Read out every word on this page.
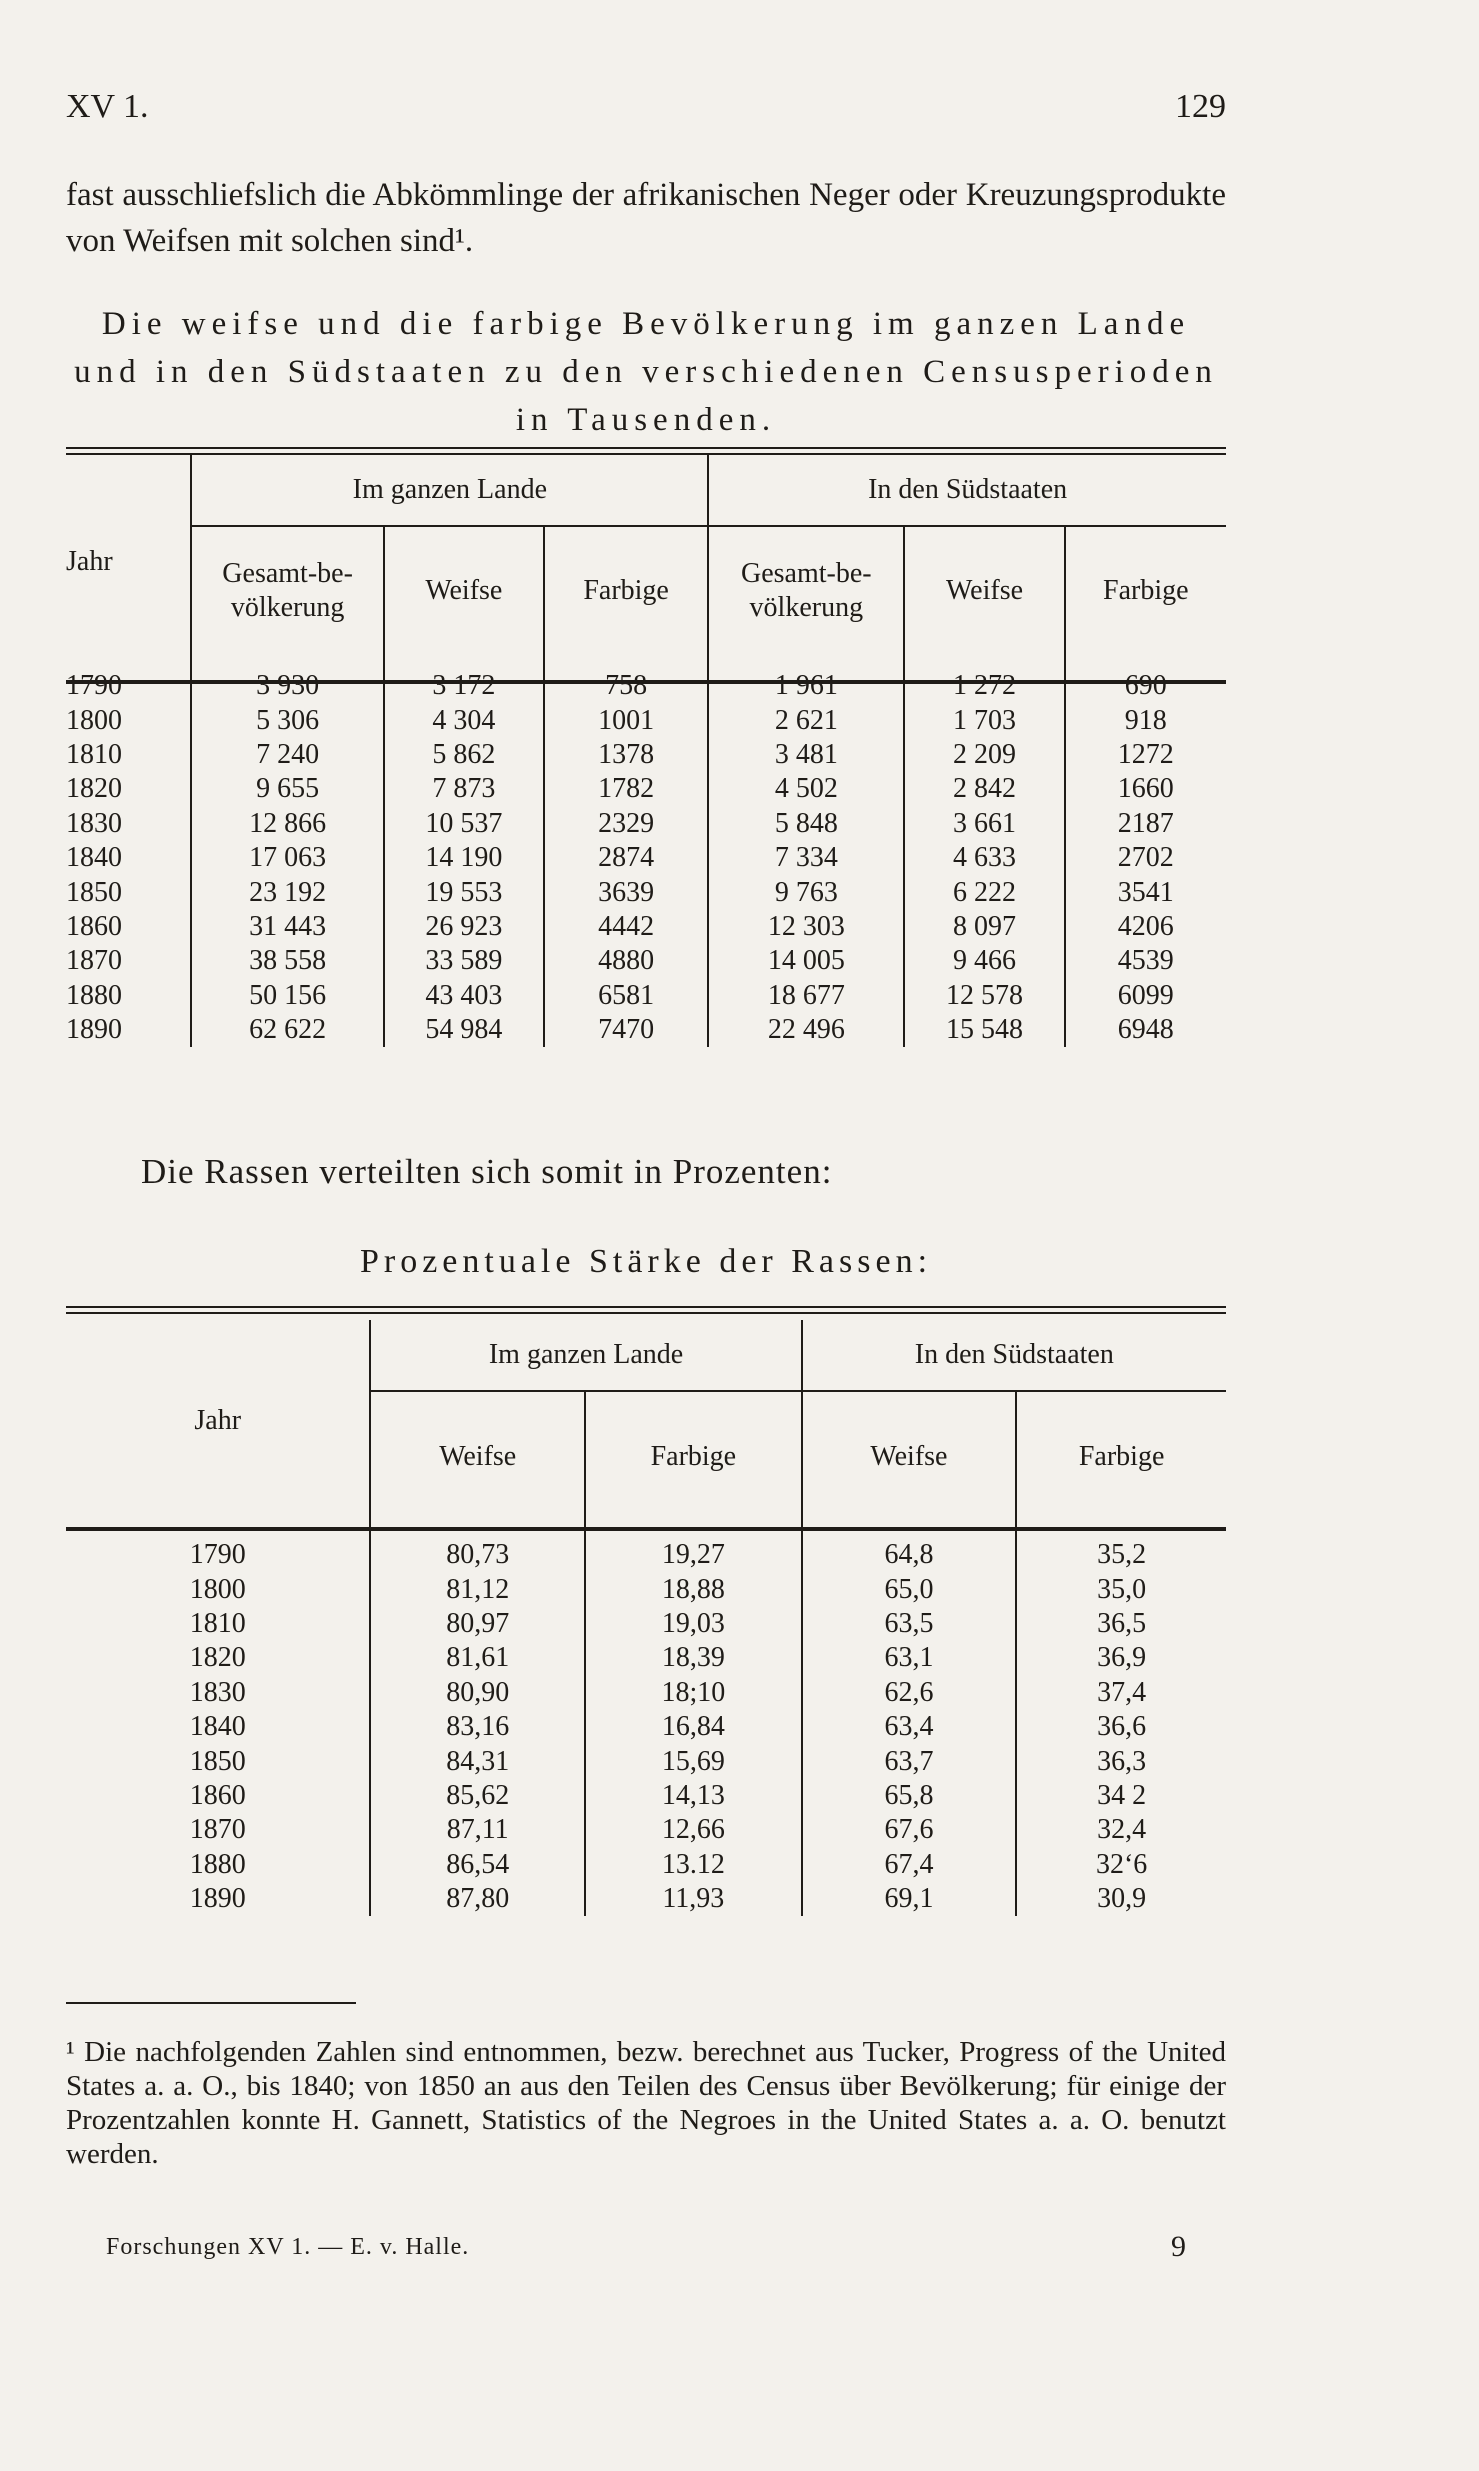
XV 1.	129
fast ausschliefslich die Abkömmlinge der afrikanischen Neger oder Kreuzungsprodukte von Weifsen mit solchen sind¹.
Die weifse und die farbige Bevölkerung im ganzen Lande und in den Südstaaten zu den verschiedenen Censusperioden in Tausenden.
Jahr	Im ganzen Lande			In den Südstaaten		
	Gesamt-be-völkerung	Weifse	Farbige	Gesamt-be-völkerung	Weifse	Farbige
1790	3 930	3 172	758	1 961	1 272	690
1800	5 306	4 304	1001	2 621	1 703	918
1810	7 240	5 862	1378	3 481	2 209	1272
1820	9 655	7 873	1782	4 502	2 842	1660
1830	12 866	10 537	2329	5 848	3 661	2187
1840	17 063	14 190	2874	7 334	4 633	2702
1850	23 192	19 553	3639	9 763	6 222	3541
1860	31 443	26 923	4442	12 303	8 097	4206
1870	38 558	33 589	4880	14 005	9 466	4539
1880	50 156	43 403	6581	18 677	12 578	6099
1890	62 622	54 984	7470	22 496	15 548	6948
Die Rassen verteilten sich somit in Prozenten:
Prozentuale Stärke der Rassen:
Jahr	Im ganzen Lande		In den Südstaaten	
	Weifse	Farbige	Weifse	Farbige
1790	80,73	19,27	64,8	35,2
1800	81,12	18,88	65,0	35,0
1810	80,97	19,03	63,5	36,5
1820	81,61	18,39	63,1	36,9
1830	80,90	18;10	62,6	37,4
1840	83,16	16,84	63,4	36,6
1850	84,31	15,69	63,7	36,3
1860	85,62	14,13	65,8	34 2
1870	87,11	12,66	67,6	32,4
1880	86,54	13.12	67,4	32‘6
1890	87,80	11,93	69,1	30,9
¹ Die nachfolgenden Zahlen sind entnommen, bezw. berechnet aus Tucker, Progress of the United States a. a. O., bis 1840; von 1850 an aus den Teilen des Census über Bevölkerung; für einige der Prozentzahlen konnte H. Gannett, Statistics of the Negroes in the United States a. a. O. benutzt werden.
Forschungen XV 1. — E. v. Halle.	9
